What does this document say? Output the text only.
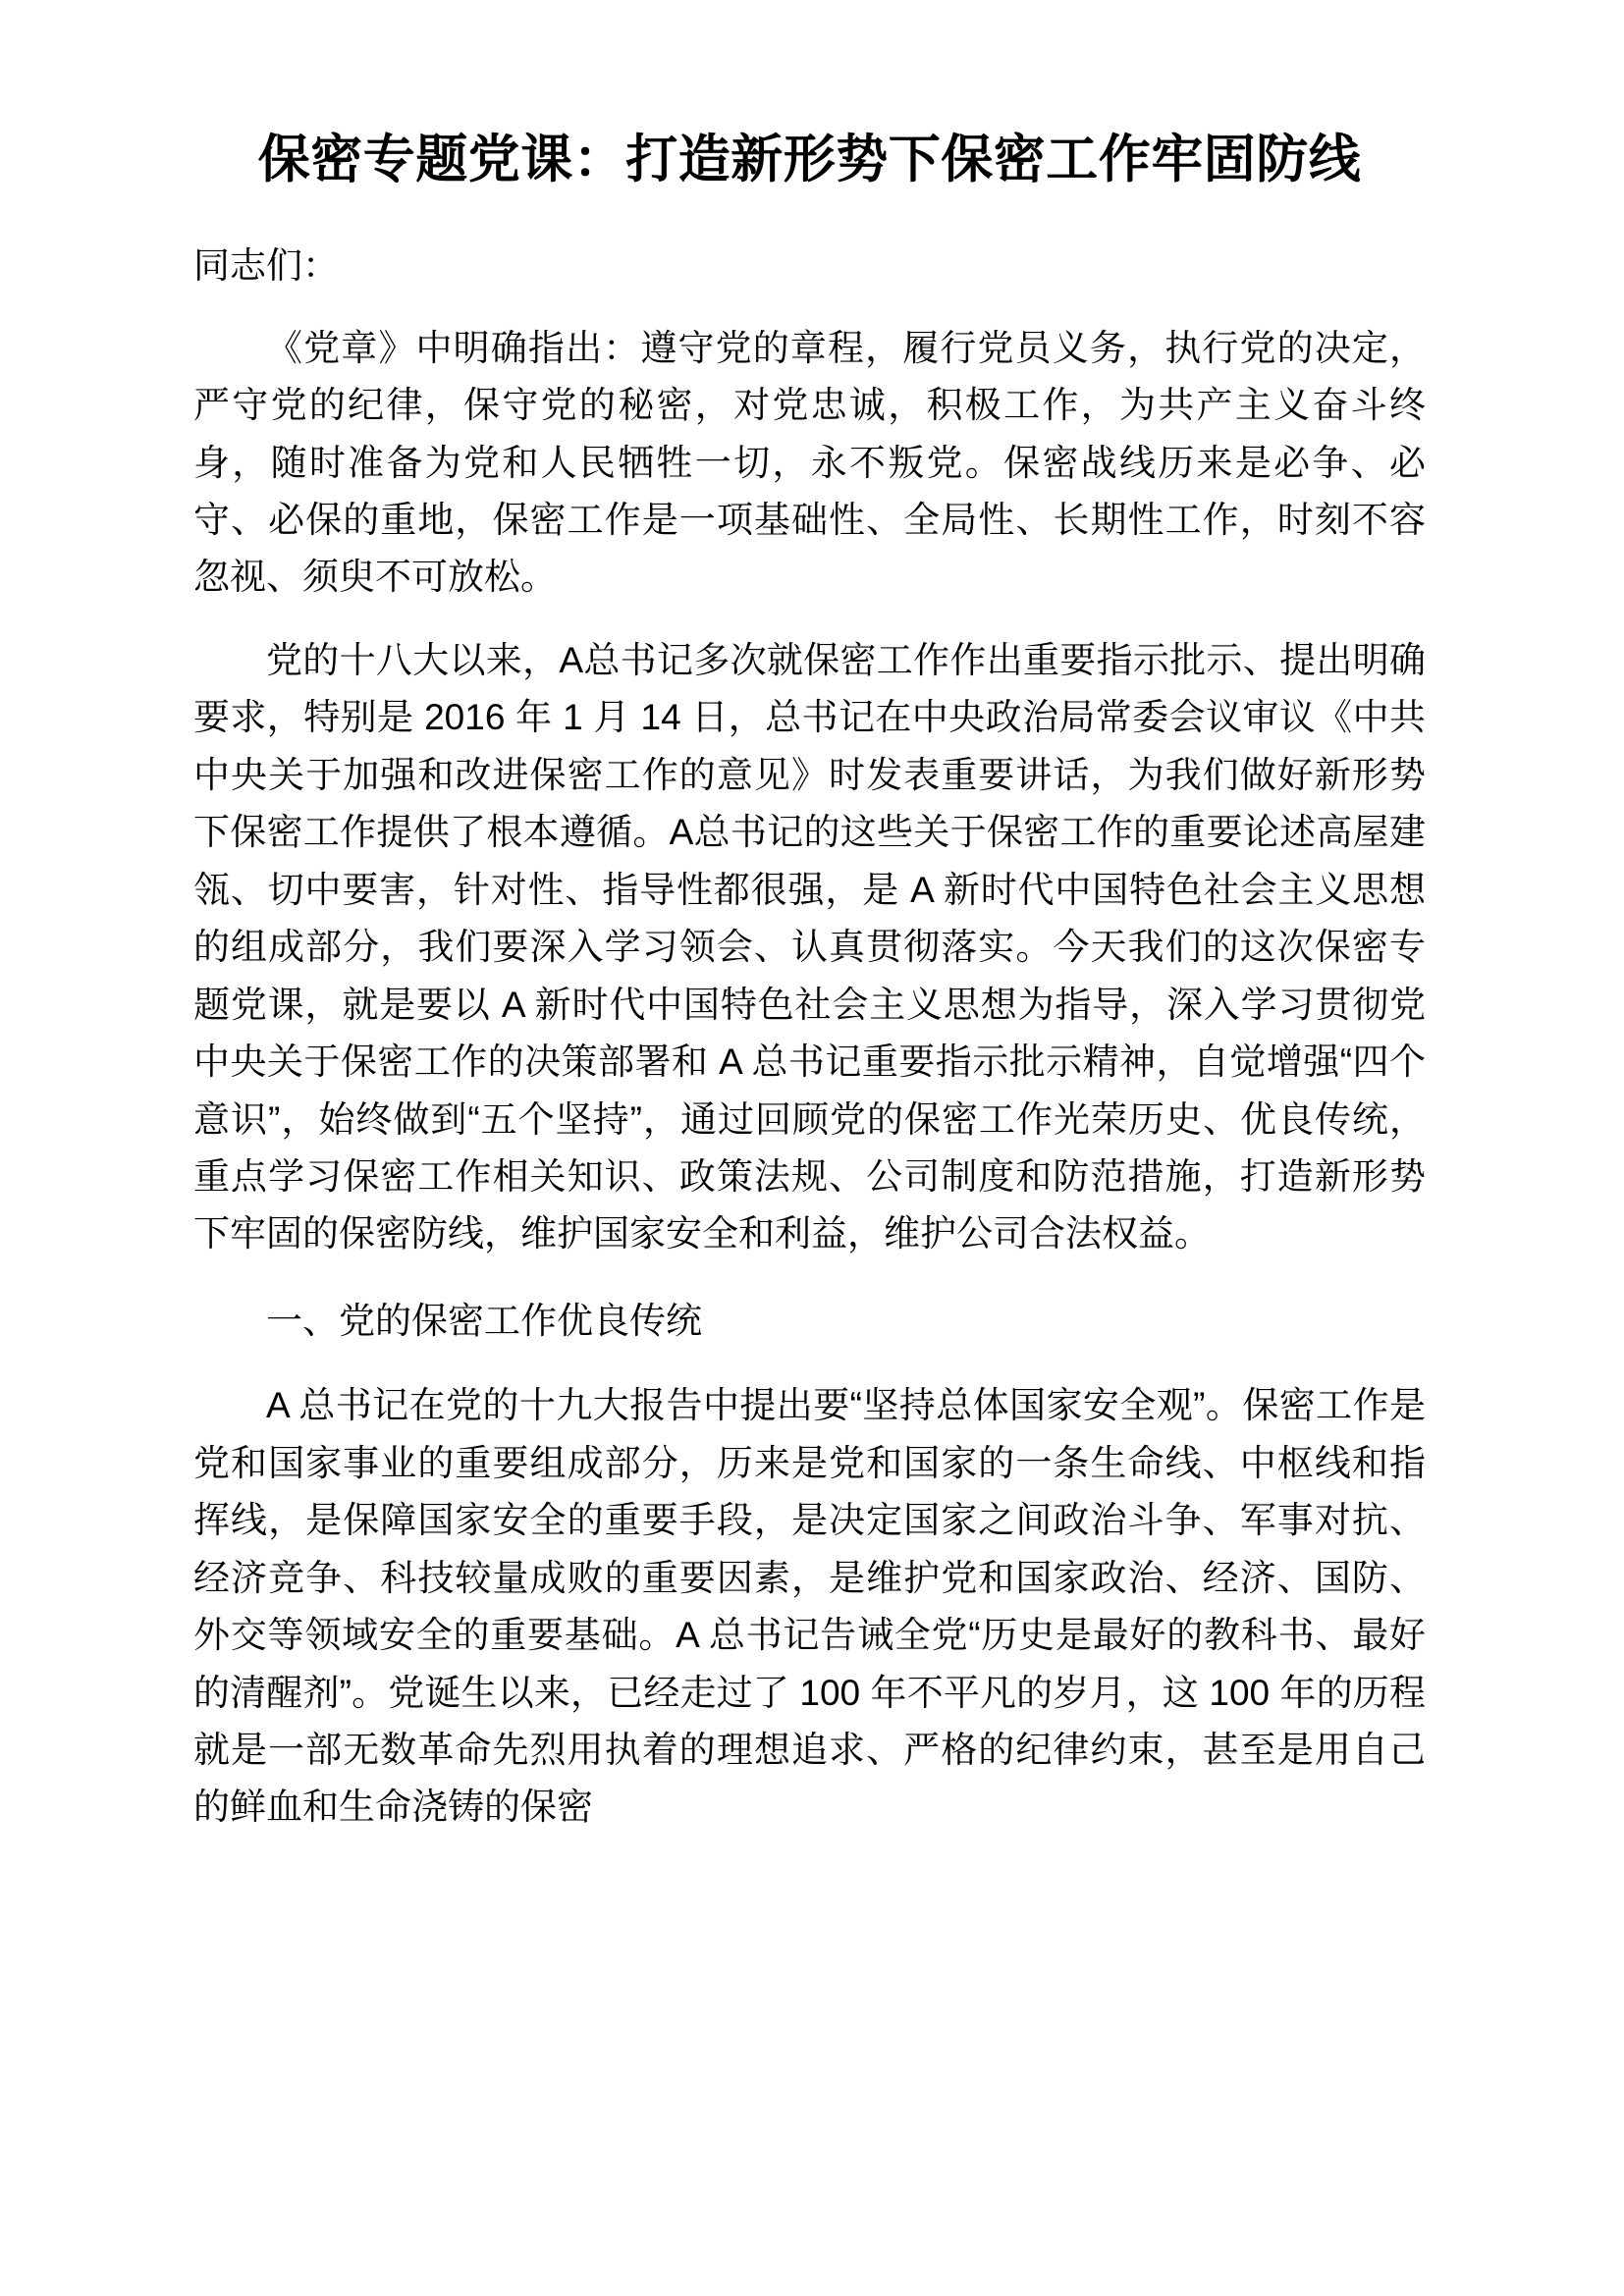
保密专题党课：打造新形势下保密工作牢固防线

同志们：

《党章》中明确指出：遵守党的章程，履行党员义务，执行党的决定，严守党的纪律，保守党的秘密，对党忠诚，积极工作，为共产主义奋斗终身，随时准备为党和人民牺牲一切，永不叛党。保密战线历来是必争、必守、必保的重地，保密工作是一项基础性、全局性、长期性工作，时刻不容忽视、须臾不可放松。

党的十八大以来，A总书记多次就保密工作作出重要指示批示、提出明确要求，特别是 2016 年 1 月 14 日，总书记在中央政治局常委会议审议《中共中央关于加强和改进保密工作的意见》时发表重要讲话，为我们做好新形势下保密工作提供了根本遵循。A总书记的这些关于保密工作的重要论述高屋建瓴、切中要害，针对性、指导性都很强，是 A 新时代中国特色社会主义思想的组成部分，我们要深入学习领会、认真贯彻落实。今天我们的这次保密专题党课，就是要以 A 新时代中国特色社会主义思想为指导，深入学习贯彻党中央关于保密工作的决策部署和 A 总书记重要指示批示精神，自觉增强“四个意识”，始终做到“五个坚持”，通过回顾党的保密工作光荣历史、优良传统，重点学习保密工作相关知识、政策法规、公司制度和防范措施，打造新形势下牢固的保密防线，维护国家安全和利益，维护公司合法权益。

一、党的保密工作优良传统

A 总书记在党的十九大报告中提出要“坚持总体国家安全观”。保密工作是党和国家事业的重要组成部分，历来是党和国家的一条生命线、中枢线和指挥线，是保障国家安全的重要手段，是决定国家之间政治斗争、军事对抗、经济竞争、科技较量成败的重要因素，是维护党和国家政治、经济、国防、外交等领域安全的重要基础。A 总书记告诫全党“历史是最好的教科书、最好的清醒剂”。党诞生以来，已经走过了 100 年不平凡的岁月，这 100 年的历程就是一部无数革命先烈用执着的理想追求、严格的纪律约束，甚至是用自己的鲜血和生命浇铸的保密
